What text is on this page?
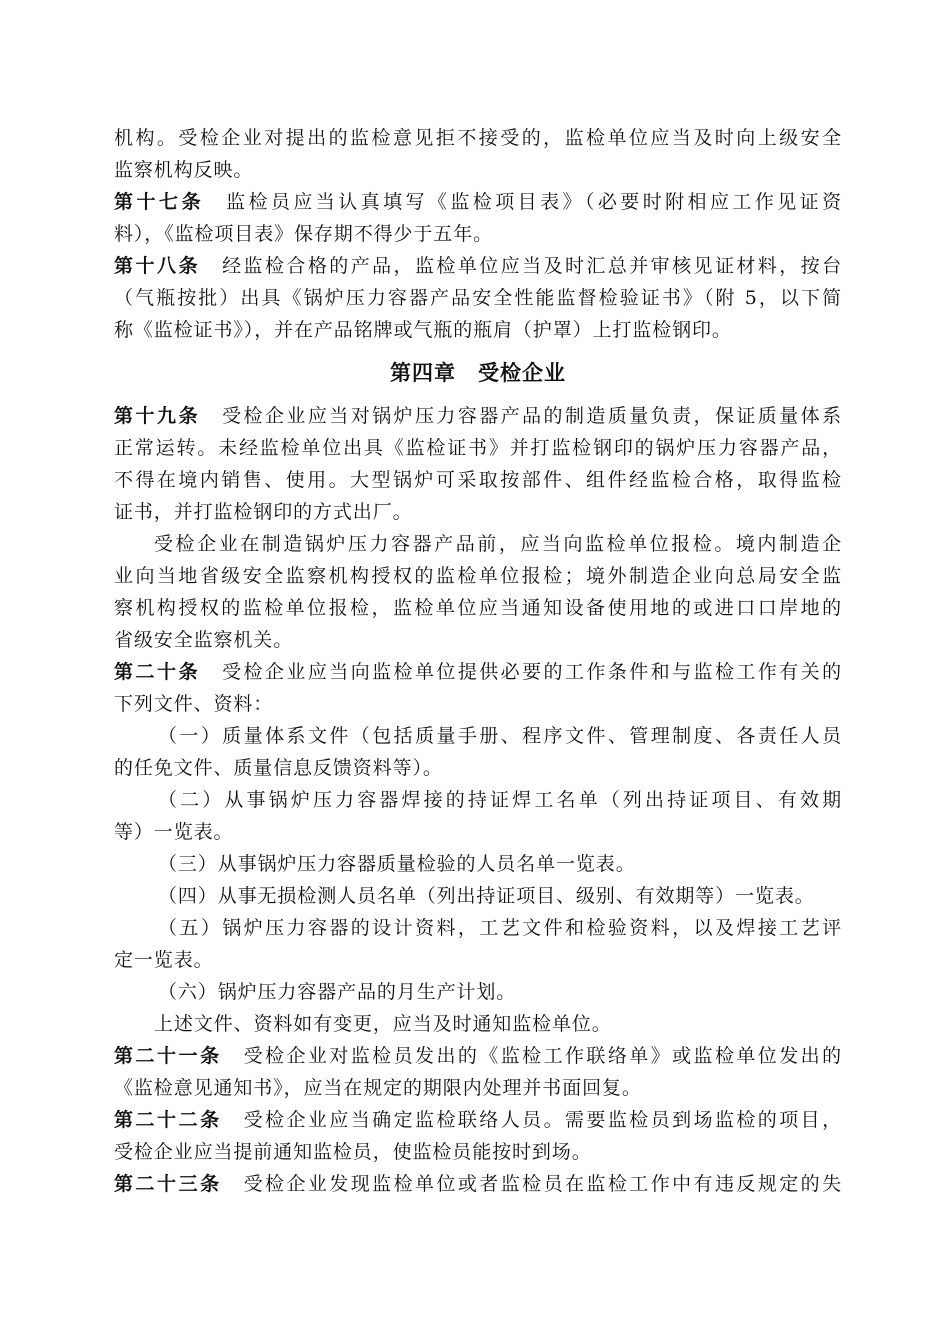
机构。受检企业对提出的监检意见拒不接受的，监检单位应当及时向上级安全
监察机构反映。
第十七条 监检员应当认真填写《监检项目表》（必要时附相应工作见证资
料），《监检项目表》保存期不得少于五年。
第十八条 经监检合格的产品，监检单位应当及时汇总并审核见证材料，按台
（气瓶按批）出具《锅炉压力容器产品安全性能监督检验证书》（附 5，以下简
称《监检证书》），并在产品铭牌或气瓶的瓶肩（护罩）上打监检钢印。
第四章 受检企业
第十九条 受检企业应当对锅炉压力容器产品的制造质量负责，保证质量体系
正常运转。未经监检单位出具《监检证书》并打监检钢印的锅炉压力容器产品，
不得在境内销售、使用。大型锅炉可采取按部件、组件经监检合格，取得监检
证书，并打监检钢印的方式出厂。
受检企业在制造锅炉压力容器产品前，应当向监检单位报检。境内制造企
业向当地省级安全监察机构授权的监检单位报检；境外制造企业向总局安全监
察机构授权的监检单位报检，监检单位应当通知设备使用地的或进口口岸地的
省级安全监察机关。
第二十条 受检企业应当向监检单位提供必要的工作条件和与监检工作有关的
下列文件、资料：
（一）质量体系文件（包括质量手册、程序文件、管理制度、各责任人员
的任免文件、质量信息反馈资料等）。
（二）从事锅炉压力容器焊接的持证焊工名单（列出持证项目、有效期
等）一览表。
（三）从事锅炉压力容器质量检验的人员名单一览表。
（四）从事无损检测人员名单（列出持证项目、级别、有效期等）一览表。
（五）锅炉压力容器的设计资料，工艺文件和检验资料，以及焊接工艺评
定一览表。
（六）锅炉压力容器产品的月生产计划。
上述文件、资料如有变更，应当及时通知监检单位。
第二十一条 受检企业对监检员发出的《监检工作联络单》或监检单位发出的
《监检意见通知书》，应当在规定的期限内处理并书面回复。
第二十二条 受检企业应当确定监检联络人员。需要监检员到场监检的项目，
受检企业应当提前通知监检员，使监检员能按时到场。
第二十三条 受检企业发现监检单位或者监检员在监检工作中有违反规定的失
